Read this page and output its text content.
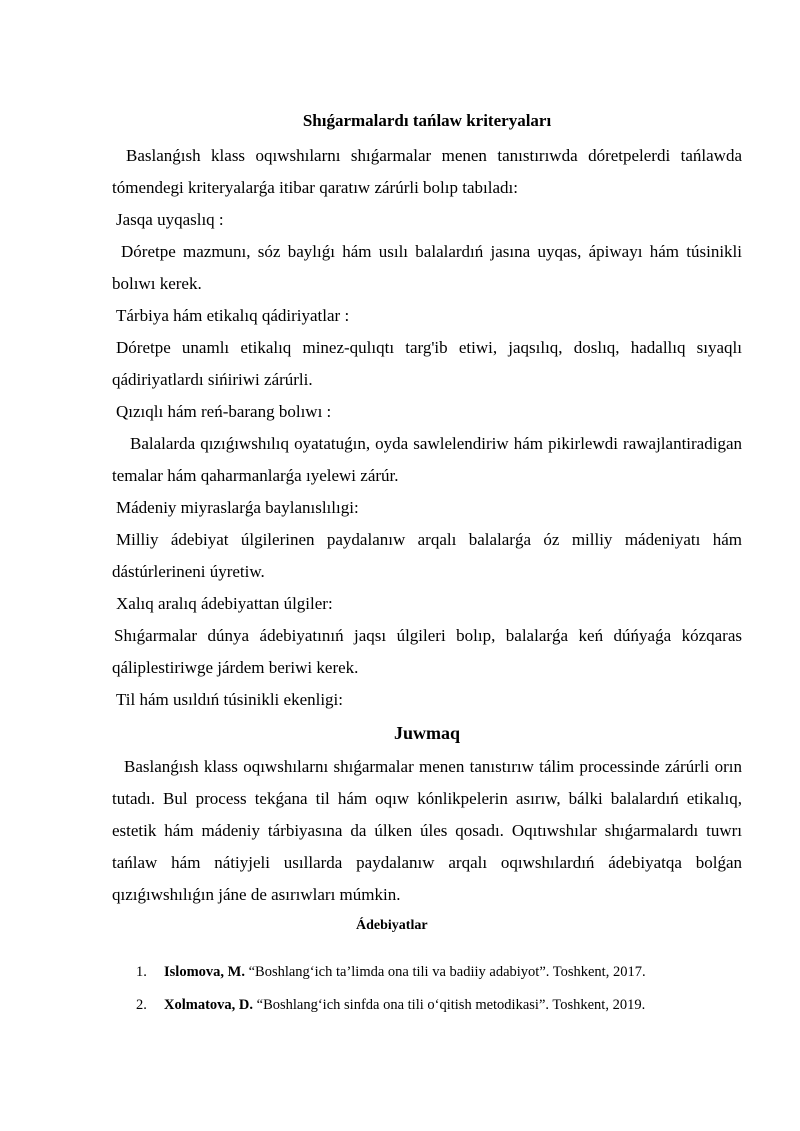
Shıǵarmalardı tańlaw kriteryaları

Baslanǵısh klass oqıwshılarnı shıǵarmalar menen tanıstırıwda dóretpelerdi tańlawda tómendegi kriteryalarǵa itibar qaratıw zárúrli bolıp tabıladı:

Jasqa uyqaslıq :

Dóretpe mazmunı, sóz baylıǵı hám usılı balalardıń jasına uyqas, ápiwayı hám túsinikli bolıwı kerek.

Tárbiya hám etikalıq qádiriyatlar :

Dóretpe unamlı etikalıq minez-qulıqtı targ'ib etiwi, jaqsılıq, doslıq, hadallıq sıyaqlı qádiriyatlardı sińiriwi zárúrli.

Qızıqlı hám reń-barang bolıwı :

Balalarda qızıǵıwshılıq oyatatuǵın, oyda sawlelendiriw hám pikirlewdi rawajlantiradigan temalar hám qaharmanlarǵa ıyelewi zárúr.

Mádeniy miyraslarǵa baylanıslılıgi:

Milliy ádebiyat úlgilerinen paydalanıw arqalı balalarǵa óz milliy mádeniyatı hám dástúrlerineni úyretiw.

Xalıq aralıq ádebiyattan úlgiler:

Shıǵarmalar dúnya ádebiyatınıń jaqsı úlgileri bolıp, balalarǵa keń dúńyaǵa kózqaras qáliplestiriwge járdem beriwi kerek.

Til hám usıldıń túsinikli ekenligi:

Juwmaq

Baslanǵısh klass oqıwshılarnı shıǵarmalar menen tanıstırıw tálim processinde zárúrli orın tutadı. Bul process tekǵana til hám oqıw kónlikpelerin asırıw, bálki balalardıń etikalıq, estetik hám mádeniy tárbiyasına da úlken úles qosadı. Oqıtıwshılar shıǵarmalardı tuwrı tańlaw hám nátiyjeli usıllarda paydalanıw arqalı oqıwshılardıń ádebiyatqa bolǵan qızıǵıwshılıǵın jáne de asırıwları múmkin.

Ádebiyatlar
1. Islomova, M. “Boshlang‘ich ta’limda ona tili va badiiy adabiyot”. Toshkent, 2017.
2. Xolmatova, D. “Boshlang‘ich sinfda ona tili o‘qitish metodikasi”. Toshkent, 2019.
